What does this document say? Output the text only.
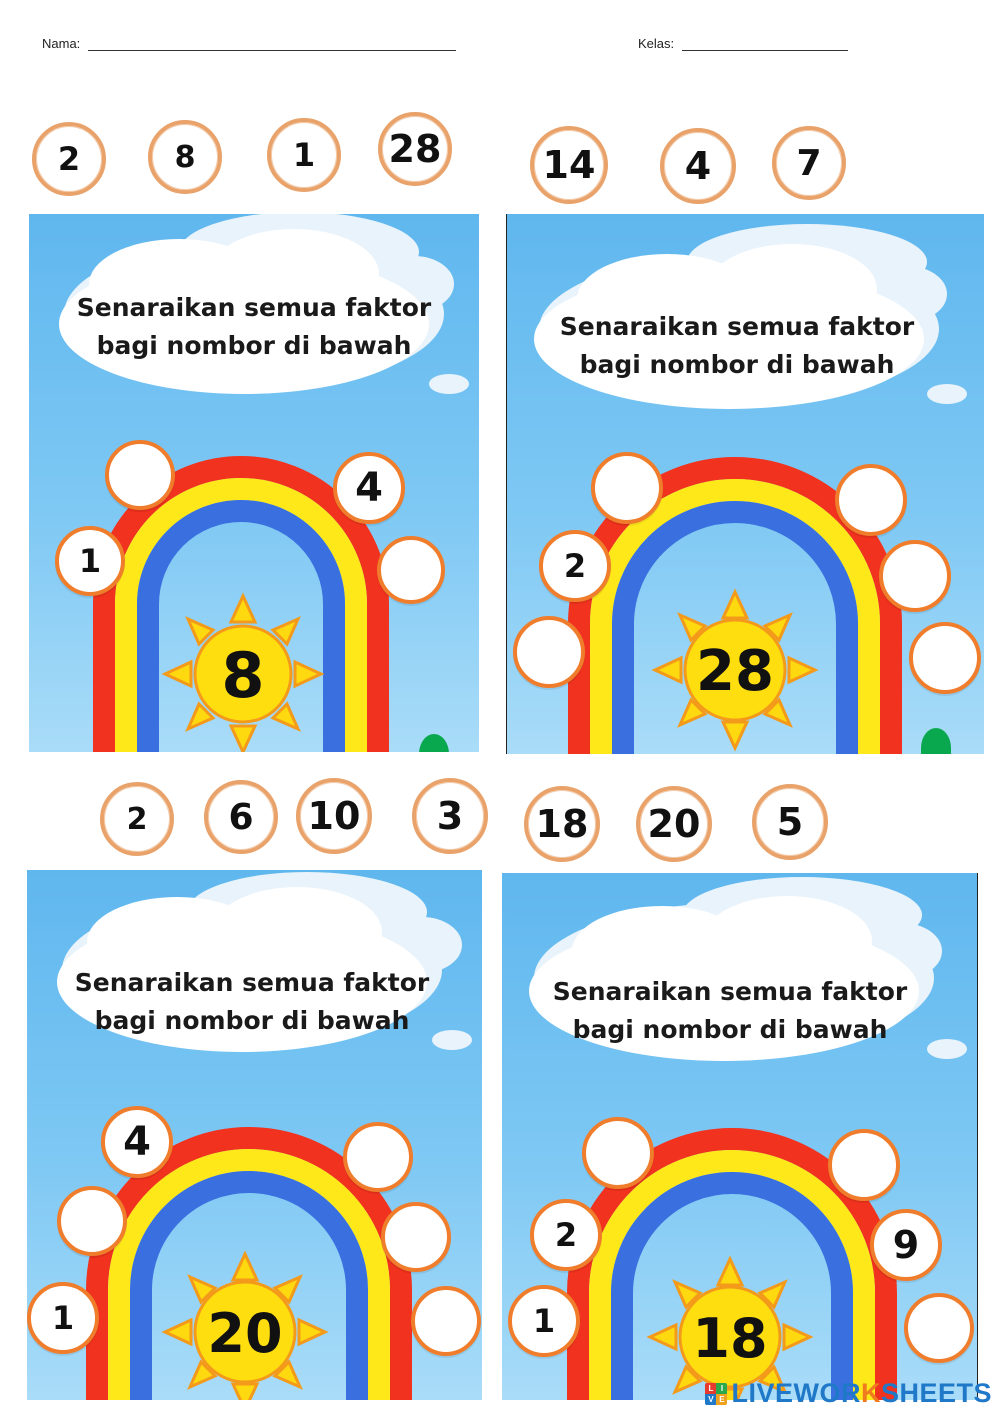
Nama:	Kelas:
2	8	1	28	14	4	7
2	6	10	3	18	20	5
Senaraikan semua faktor
bagi nombor di bawah
8
4
1
Senaraikan semua faktor
bagi nombor di bawah
28
2
Senaraikan semua faktor
bagi nombor di bawah
20
4
1
Senaraikan semua faktor
bagi nombor di bawah
18
2	9
1
L I
V E LIVEWORKSHEETS
